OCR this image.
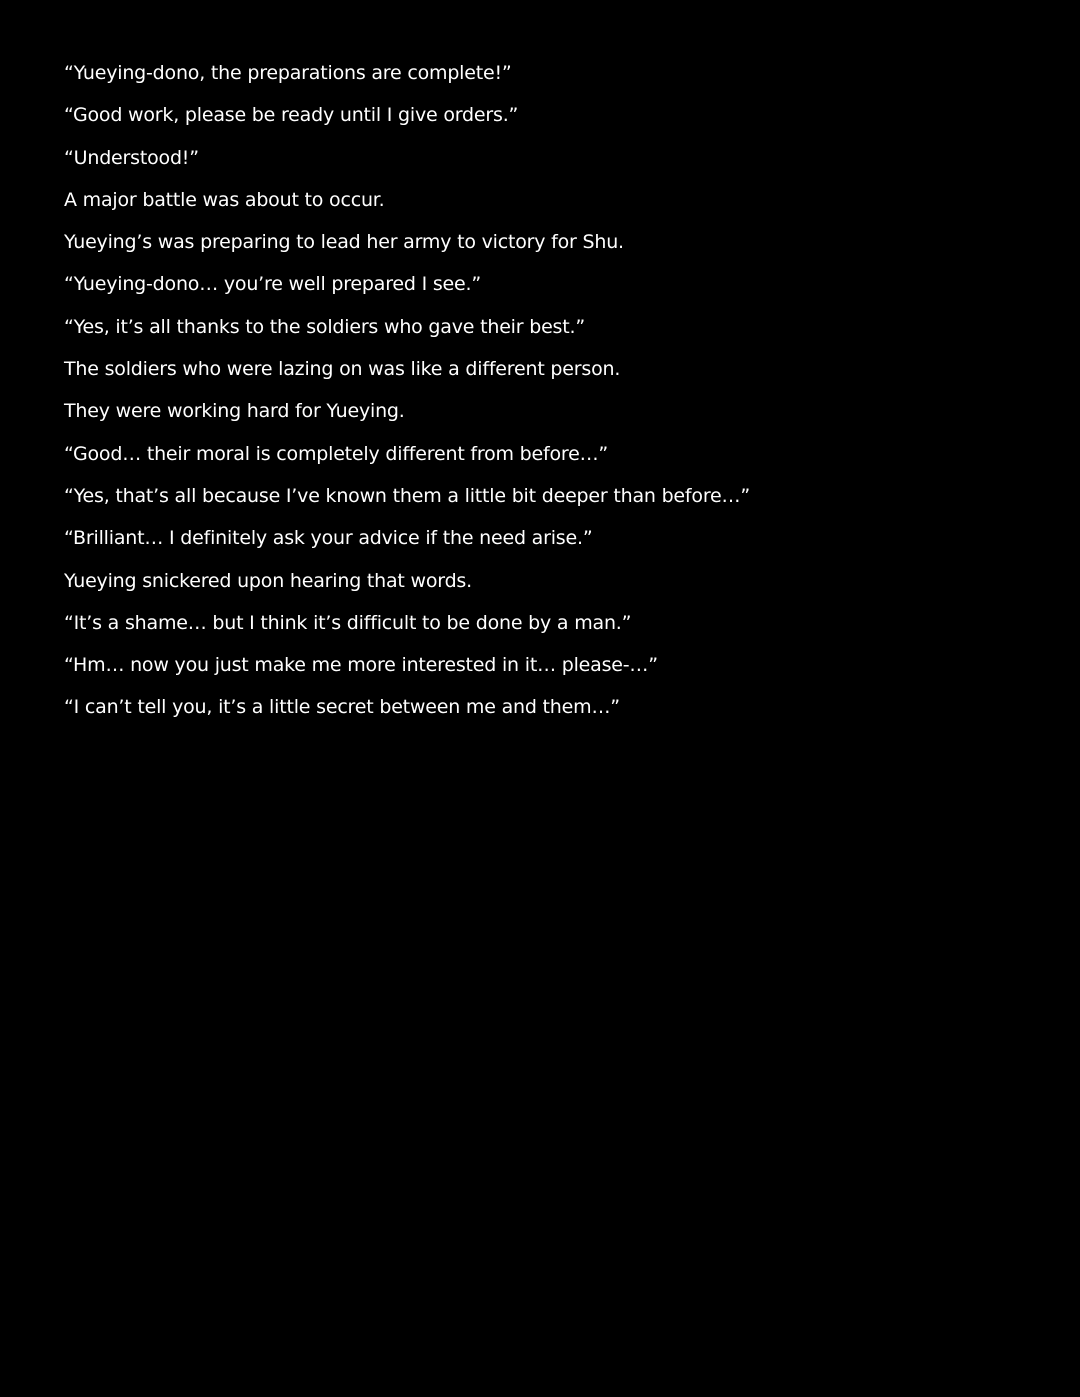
“Yueying-dono, the preparations are complete!”
“Good work, please be ready until I give orders.”
“Understood!”
A major battle was about to occur.
Yueying’s was preparing to lead her army to victory for Shu.
“Yueying-dono… you’re well prepared I see.”
“Yes, it’s all thanks to the soldiers who gave their best.”
The soldiers who were lazing on was like a different person.
They were working hard for Yueying.
“Good… their moral is completely different from before…”
“Yes, that’s all because I’ve known them a little bit deeper than before…”
“Brilliant… I definitely ask your advice if the need arise.”
Yueying snickered upon hearing that words.
“It’s a shame… but I think it’s difficult to be done by a man.”
“Hm… now you just make me more interested in it… please-…”
“I can’t tell you, it’s a little secret between me and them…”
